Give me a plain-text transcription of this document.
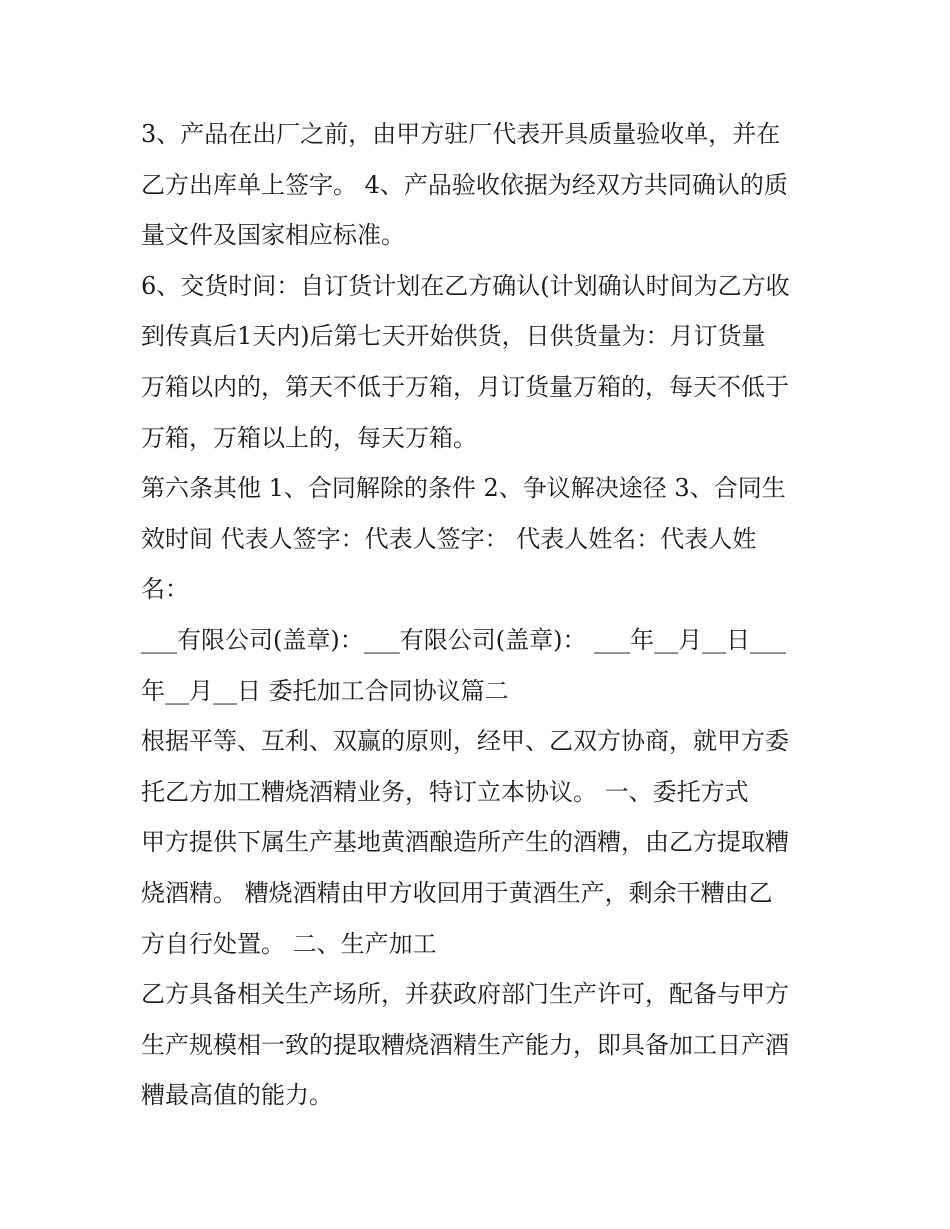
3、产品在出厂之前，由甲方驻厂代表开具质量验收单，并在
乙方出库单上签字。 4、产品验收依据为经双方共同确认的质
量文件及国家相应标准。
6、交货时间：自订货计划在乙方确认(计划确认时间为乙方收
到传真后1天内)后第七天开始供货，日供货量为：月订货量
万箱以内的，第天不低于万箱，月订货量万箱的，每天不低于
万箱，万箱以上的，每天万箱。
第六条其他 1、合同解除的条件 2、争议解决途径 3、合同生
效时间 代表人签字：代表人签字： 代表人姓名：代表人姓
名：
___有限公司(盖章)：___有限公司(盖章)： ___年__月__日___
年__月__日 委托加工合同协议篇二
根据平等、互利、双赢的原则，经甲、乙双方协商，就甲方委
托乙方加工糟烧酒精业务，特订立本协议。 一、委托方式
甲方提供下属生产基地黄酒酿造所产生的酒糟，由乙方提取糟
烧酒精。 糟烧酒精由甲方收回用于黄酒生产，剩余干糟由乙
方自行处置。 二、生产加工
乙方具备相关生产场所，并获政府部门生产许可，配备与甲方
生产规模相一致的提取糟烧酒精生产能力，即具备加工日产酒
糟最高值的能力。
